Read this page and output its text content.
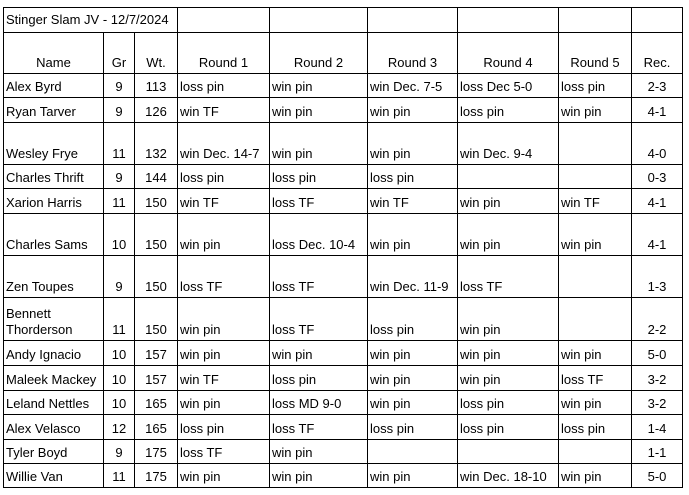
Stinger Slam JV - 12/7/2024								
Name	Gr	Wt.	Round 1	Round 2	Round 3	Round 4	Round 5	Rec.
Alex Byrd	9	113	loss pin	win pin	win Dec. 7-5	loss Dec 5-0	loss pin	2-3
Ryan Tarver	9	126	win TF	win pin	win pin	loss pin	win pin	4-1
Wesley Frye	11	132	win Dec. 14-7	win pin	win pin	win Dec. 9-4		4-0
Charles Thrift	9	144	loss pin	loss pin	loss pin			0-3
Xarion Harris	11	150	win TF	loss TF	win TF	win pin	win TF	4-1
Charles Sams	10	150	win pin	loss Dec. 10-4	win pin	win pin	win pin	4-1
Zen Toupes	9	150	loss TF	loss TF	win Dec. 11-9	loss TF		1-3
Bennett Thorderson	11	150	win pin	loss TF	loss pin	win pin		2-2
Andy Ignacio	10	157	win pin	win pin	win pin	win pin	win pin	5-0
Maleek Mackey	10	157	win TF	loss pin	win pin	win pin	loss TF	3-2
Leland Nettles	10	165	win pin	loss MD 9-0	win pin	loss pin	win pin	3-2
Alex Velasco	12	165	loss pin	loss TF	loss pin	loss pin	loss pin	1-4
Tyler Boyd	9	175	loss TF	win pin				1-1
Willie Van	11	175	win pin	win pin	win pin	win Dec. 18-10	win pin	5-0
